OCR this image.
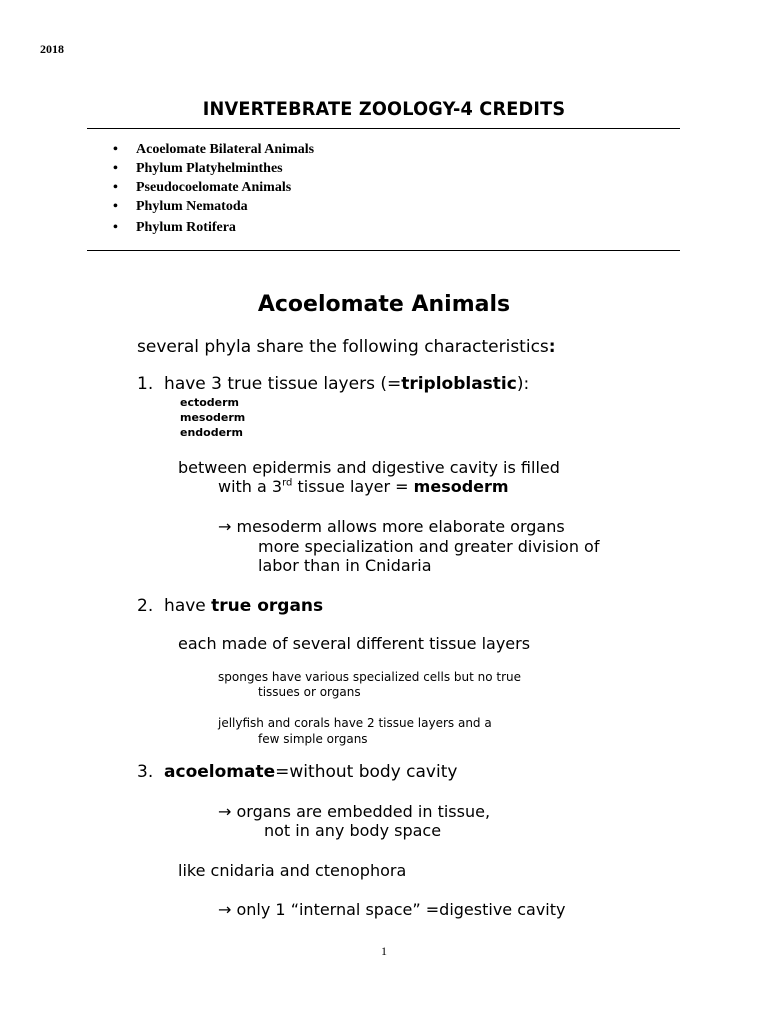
2018
INVERTEBRATE ZOOLOGY-4 CREDITS
• Acoelomate Bilateral Animals
• Phylum Platyhelminthes
• Pseudocoelomate Animals
• Phylum Nematoda
• Phylum Rotifera
Acoelomate Animals
several phyla share the following characteristics:
1. have 3 true tissue layers (=triploblastic):
ectoderm
mesoderm
endoderm
between epidermis and digestive cavity is filled
with a 3rd tissue layer = mesoderm
→ mesoderm allows more elaborate organs
more specialization and greater division of
labor than in Cnidaria
2. have true organs
each made of several different tissue layers
sponges have various specialized cells but no true
tissues or organs
jellyfish and corals have 2 tissue layers and a
few simple organs
3. acoelomate=without body cavity
→ organs are embedded in tissue,
not in any body space
like cnidaria and ctenophora
→ only 1 “internal space” =digestive cavity
1
